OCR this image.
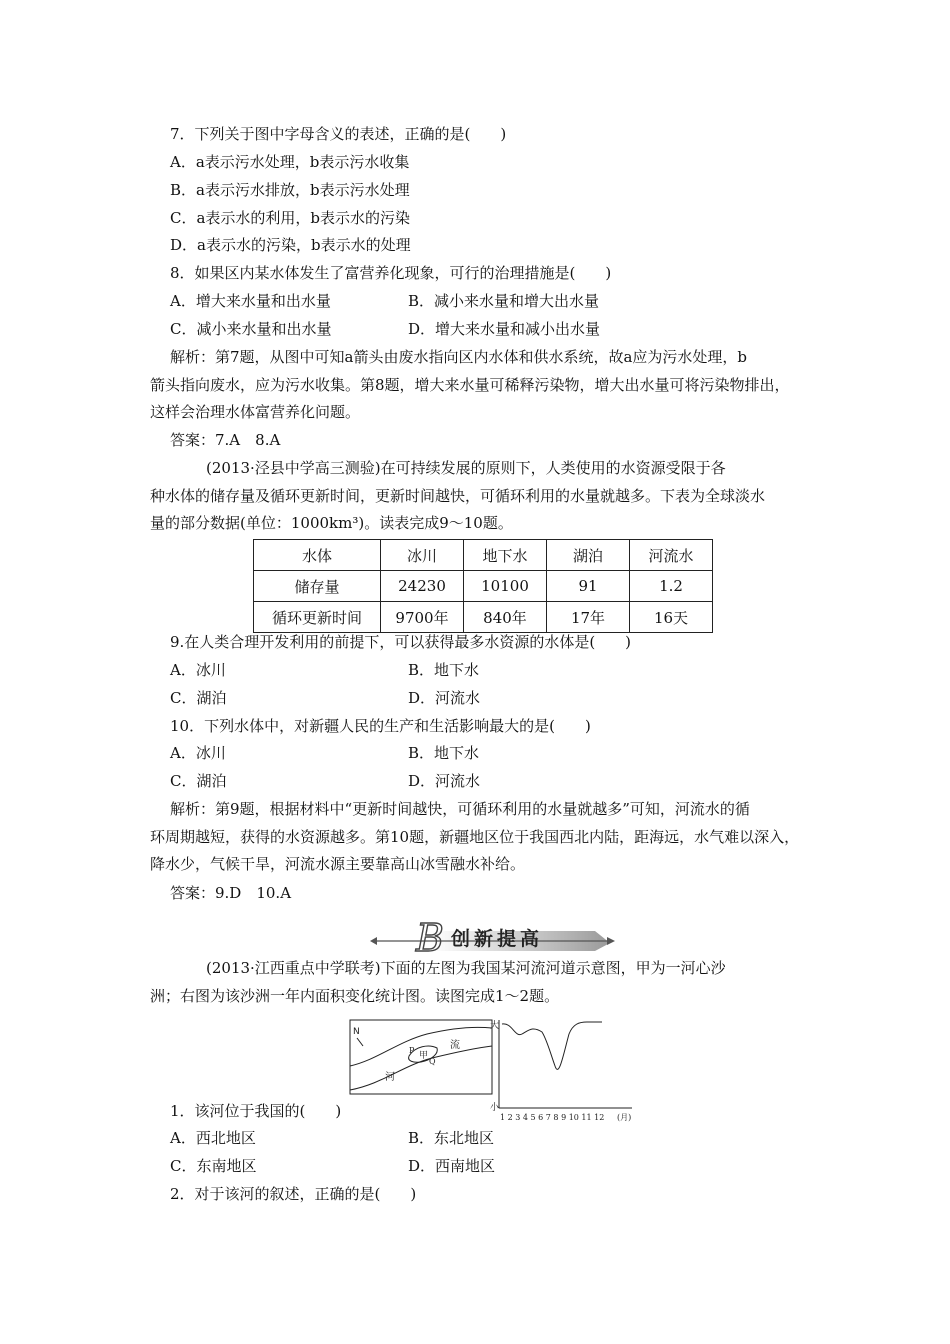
7．下列关于图中字母含义的表述，正确的是(　　)
A．a表示污水处理，b表示污水收集
B．a表示污水排放，b表示污水处理
C．a表示水的利用，b表示水的污染
D．a表示水的污染，b表示水的处理
8．如果区内某水体发生了富营养化现象，可行的治理措施是(　　)
A．增大来水量和出水量	B．减小来水量和增大出水量
C．减小来水量和出水量	D．增大来水量和减小出水量
解析：第7题，从图中可知a箭头由废水指向区内水体和供水系统，故a应为污水处理，b
箭头指向废水，应为污水收集。第8题，增大来水量可稀释污染物，增大出水量可将污染物排出，
这样会治理水体富营养化问题。
答案：7.A　8.A
(2013·泾县中学高三测验)在可持续发展的原则下，人类使用的水资源受限于各
种水体的储存量及循环更新时间，更新时间越快，可循环利用的水量就越多。下表为全球淡水
量的部分数据(单位：1000km³)。读表完成9～10题。
水体	冰川	地下水	湖泊	河流水
储存量	24230	10100	91	1.2
循环更新时间	9700年	840年	17年	16天
9.在人类合理开发利用的前提下，可以获得最多水资源的水体是(　　)
A．冰川	B．地下水
C．湖泊	D．河流水
10．下列水体中，对新疆人民的生产和生活影响最大的是(　　)
A．冰川	B．地下水
C．湖泊	D．河流水
解析：第9题，根据材料中“更新时间越快，可循环利用的水量就越多”可知，河流水的循
环周期越短，获得的水资源越多。第10题，新疆地区位于我国西北内陆，距海远，水气难以深入，
降水少，气候干旱，河流水源主要靠高山冰雪融水补给。
答案：9.D　10.A
B 创新提高
(2013·江西重点中学联考)下面的左图为我国某河流河道示意图，甲为一河心沙
洲；右图为该沙洲一年内面积变化统计图。读图完成1～2题。
N
甲
P
Q
流
河
大
小
1 2 3 4 5 6 7 8 9 10 11 12 (月)
1．该河位于我国的(　　)
A．西北地区	B．东北地区
C．东南地区	D．西南地区
2．对于该河的叙述，正确的是(　　)
